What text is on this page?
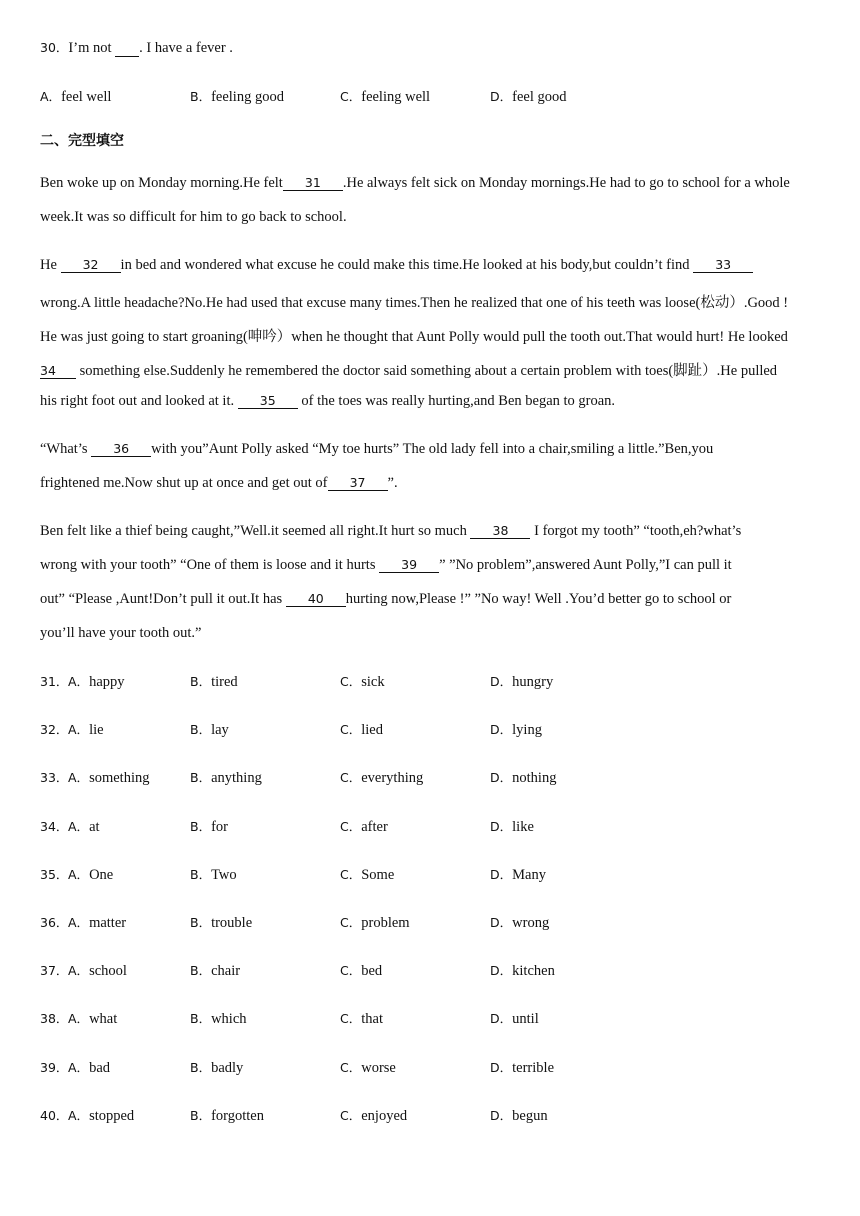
30．I’m not  . I have a fever .
A．feel well	B．feeling good	C．feeling well	D．feel good
二、完型填空
Ben woke up on Monday morning.He felt 31 .He always felt sick on Monday mornings.He had to go to school for a whole
week.It was so difficult for him to go back to school.
He 32 in bed and wondered what excuse he could make this time.He looked at his body,but couldn’t find 33
wrong.A little headache?No.He had used that excuse many times.Then he realized that one of his teeth was loose(松动）.Good !
He was just going to start groaning(呻吟）when he thought that Aunt Polly would pull the tooth out.That would hurt! He looked
34 something else.Suddenly he remembered the doctor said something about a certain problem with toes(脚趾）.He pulled
his right foot out and looked at it. 35 of the toes was really hurting,and Ben began to groan.
“What’s 36 with you”Aunt Polly asked “My toe hurts” The old lady fell into a chair,smiling a little.”Ben,you
frightened me.Now shut up at once and get out of 37 ”.
Ben felt like a thief being caught,”Well.it seemed all right.It hurt so much 38 I forgot my tooth” “tooth,eh?what’s
wrong with your tooth” “One of them is loose and it hurts 39 ” ”No problem”,answered Aunt Polly,”I can pull it
out” “Please ,Aunt!Don’t pull it out.It has 40 hurting now,Please !” ”No way! Well .You’d better go to school or
you’ll have your tooth out.”
31． A．happy	B．tired	C．sick	D．hungry
32． A．lie	B．lay	C．lied	D．lying
33． A．something	B．anything	C．everything	D．nothing
34． A．at	B．for	C．after	D．like
35． A．One	B．Two	C．Some	D．Many
36． A．matter	B．trouble	C．problem	D．wrong
37． A．school	B．chair	C．bed	D．kitchen
38． A．what	B．which	C．that	D．until
39． A．bad	B．badly	C．worse	D．terrible
40． A．stopped	B．forgotten	C．enjoyed	D．begun
